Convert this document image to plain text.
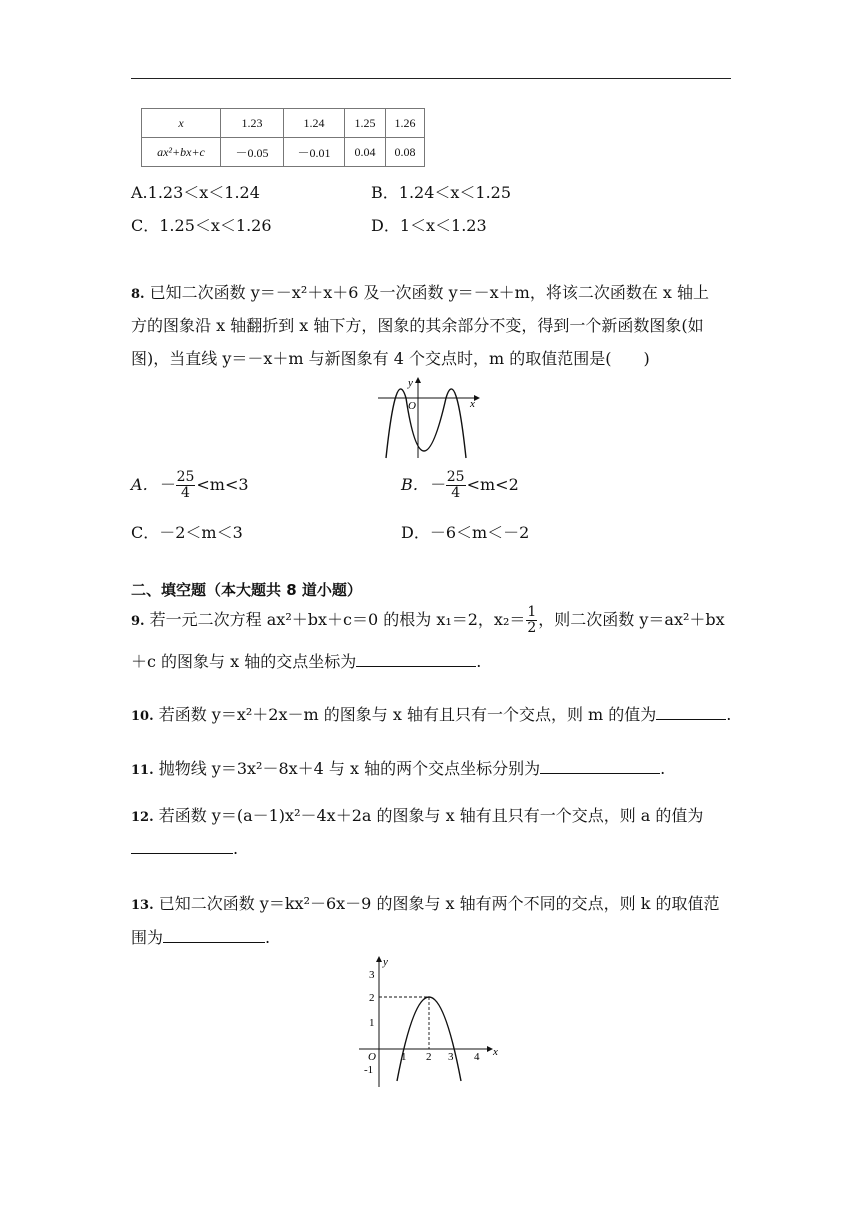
x	1.23	1.24	1.25	1.26
ax²+bx+c	－0.05	－0.01	0.04	0.08
A.1.23＜x＜1.24	B．1.24＜x＜1.25
C．1.25＜x＜1.26	D．1＜x＜1.23
8. 已知二次函数 y＝－x²＋x＋6 及一次函数 y＝－x＋m，将该二次函数在 x 轴上
方的图象沿 x 轴翻折到 x 轴下方，图象的其余部分不变，得到一个新函数图象(如
图)，当直线 y＝－x＋m 与新图象有 4 个交点时，m 的取值范围是(　　)
y
O	x
A．－ $\frac{25}{4} <m<3$	B．－ $\frac{25}{4} <m<2$
C．－2＜m＜3	D．－6＜m＜－2
二、填空题（本大题共 8 道小题）
9. 若一元二次方程 ax²＋bx＋c＝0 的根为 x₁＝2，$x_2= \frac{1}{2}$ ，则二次函数 y＝ax²＋bx
＋c 的图象与 x 轴的交点坐标为	.
10. 若函数 y＝x²＋2x－m 的图象与 x 轴有且只有一个交点，则 m 的值为	.
11. 抛物线 y＝3x²－8x＋4 与 x 轴的两个交点坐标分别为	.
12. 若函数 y＝(a－1)x²－4x＋2a 的图象与 x 轴有且只有一个交点，则 a 的值为
.
13. 已知二次函数 y＝kx²－6x－9 的图象与 x 轴有两个不同的交点，则 k 的取值范
围为	.
y
x
O 1 2 3 4
3
2
1
-1
